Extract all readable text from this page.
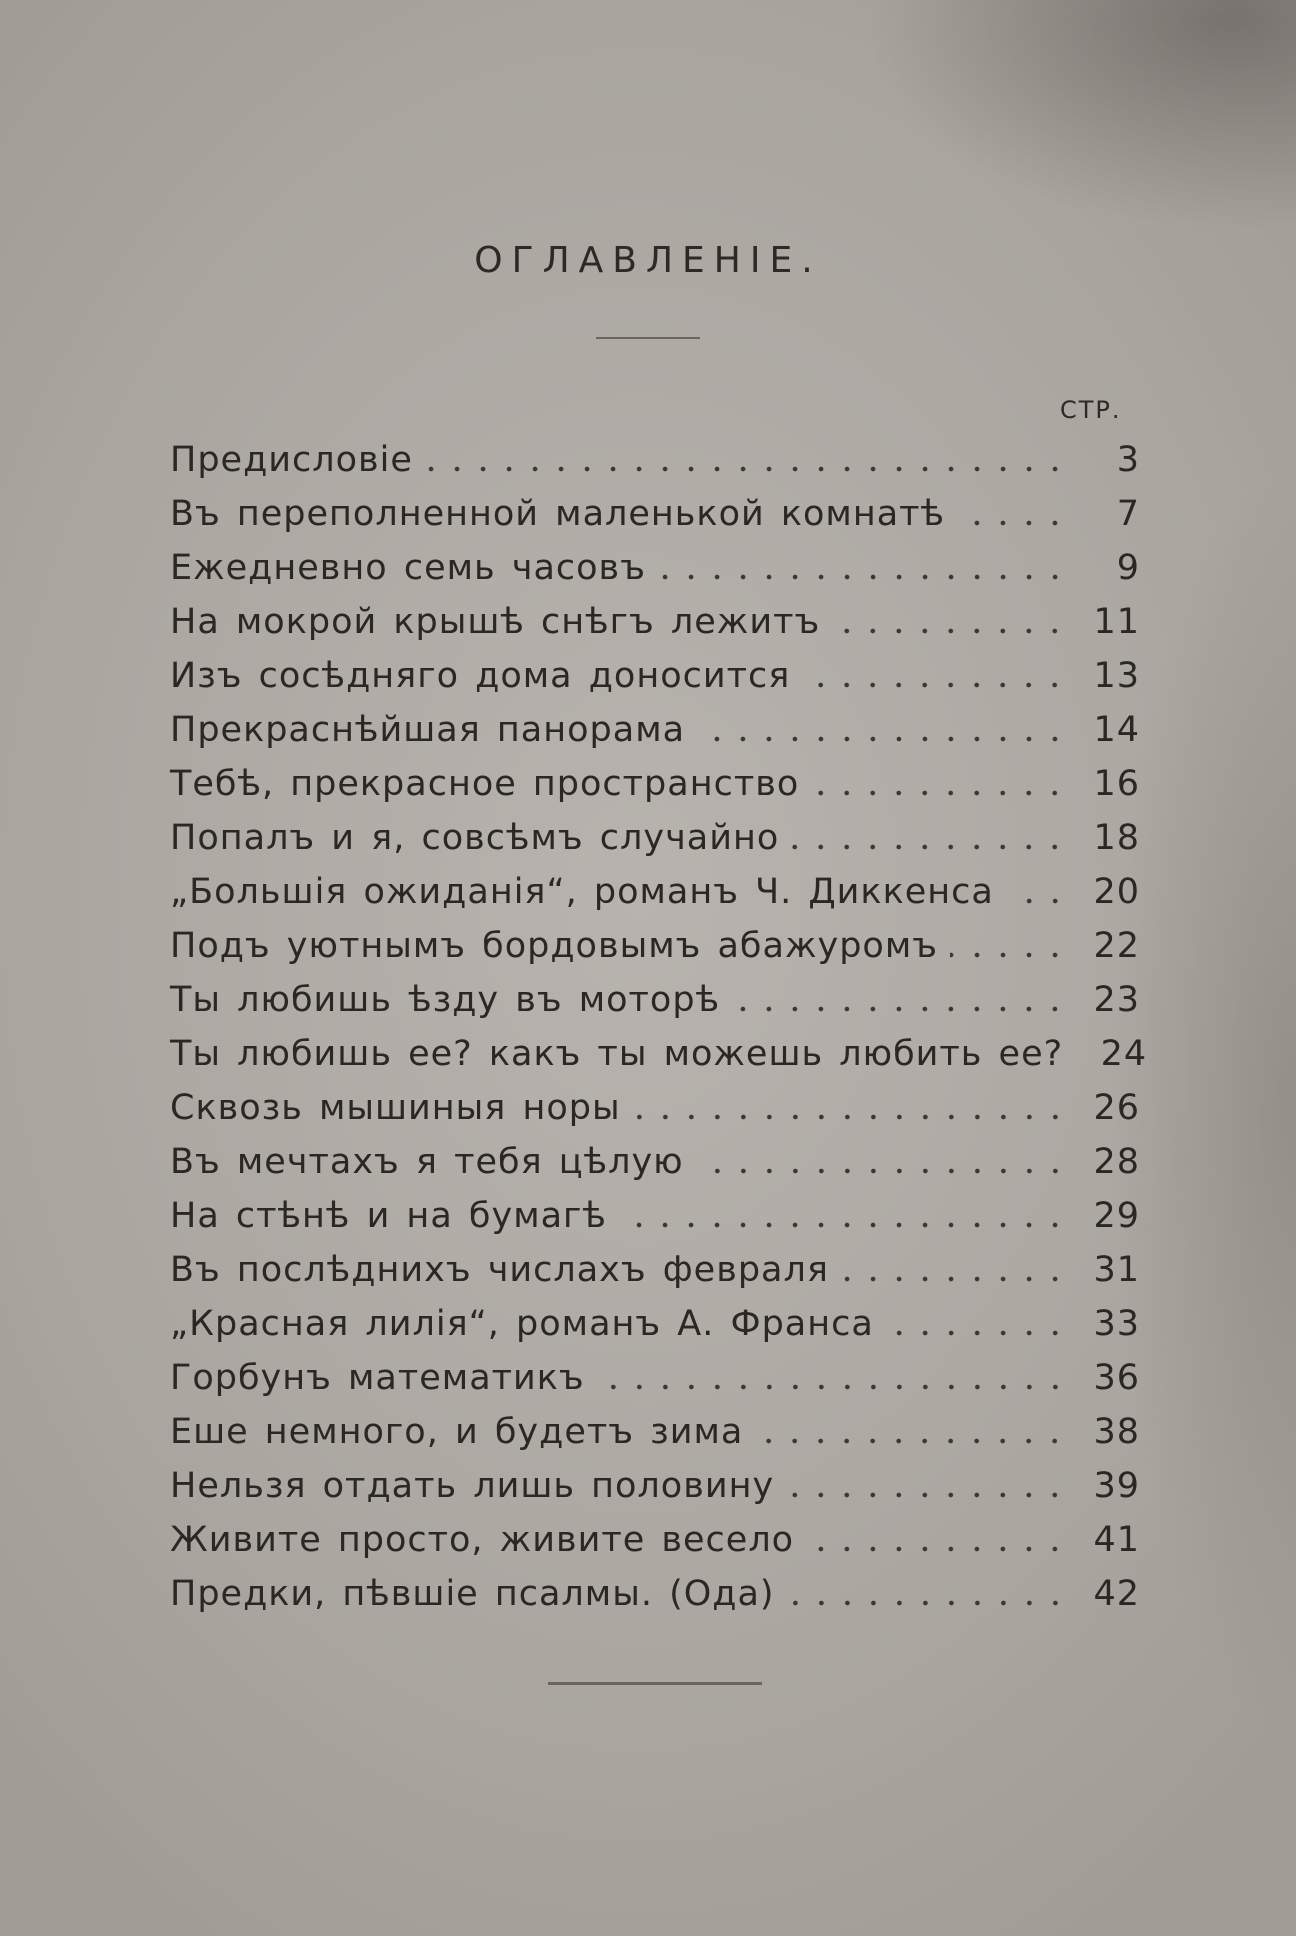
ОГЛАВЛЕНІЕ.
СТР.
Предисловіе	3
Въ переполненной маленькой комнатѣ	7
Ежедневно семь часовъ	9
На мокрой крышѣ снѣгъ лежитъ	11
Изъ сосѣдняго дома доносится	13
Прекраснѣйшая панорама	14
Тебѣ, прекрасное пространство	16
Попалъ и я, совсѣмъ случайно	18
„Большія ожиданія“, романъ Ч. Диккенса	20
Подъ уютнымъ бордовымъ абажуромъ	22
Ты любишь ѣзду въ моторѣ	23
Ты любишь ее? какъ ты можешь любить ее?	24
Сквозь мышиныя норы	26
Въ мечтахъ я тебя цѣлую	28
На стѣнѣ и на бумагѣ	29
Въ послѣднихъ числахъ февраля	31
„Красная лилія“, романъ А. Франса	33
Горбунъ математикъ	36
Еше немного, и будетъ зима	38
Нельзя отдать лишь половину	39
Живите просто, живите весело	41
Предки, пѣвшіе псалмы. (Ода)	42
